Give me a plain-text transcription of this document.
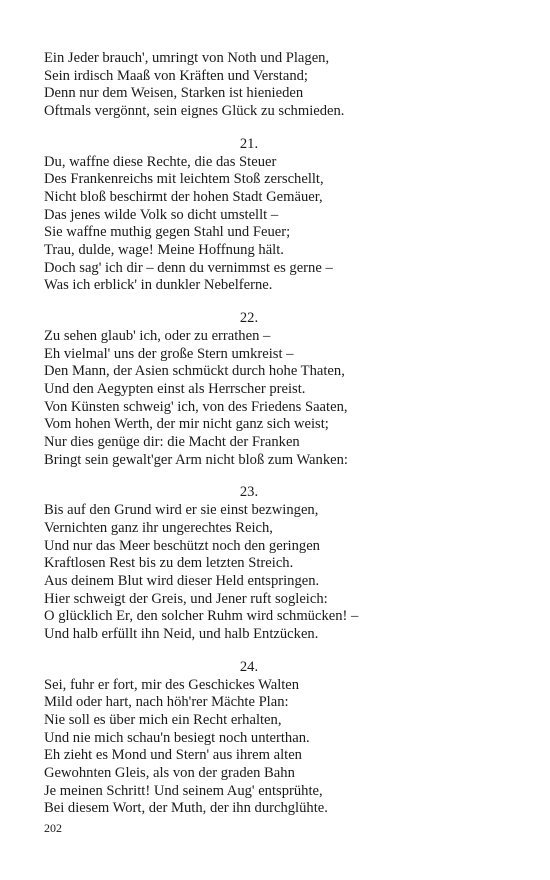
Ein Jeder brauch', umringt von Noth und Plagen,
Sein irdisch Maaß von Kräften und Verstand;
Denn nur dem Weisen, Starken ist hienieden
Oftmals vergönnt, sein eignes Glück zu schmieden.
21.
Du, waffne diese Rechte, die das Steuer
Des Frankenreichs mit leichtem Stoß zerschellt,
Nicht bloß beschirmt der hohen Stadt Gemäuer,
Das jenes wilde Volk so dicht umstellt –
Sie waffne muthig gegen Stahl und Feuer;
Trau, dulde, wage! Meine Hoffnung hält.
Doch sag' ich dir – denn du vernimmst es gerne –
Was ich erblick' in dunkler Nebelferne.
22.
Zu sehen glaub' ich, oder zu errathen –
Eh vielmal' uns der große Stern umkreist –
Den Mann, der Asien schmückt durch hohe Thaten,
Und den Aegypten einst als Herrscher preist.
Von Künsten schweig' ich, von des Friedens Saaten,
Vom hohen Werth, der mir nicht ganz sich weist;
Nur dies genüge dir: die Macht der Franken
Bringt sein gewalt'ger Arm nicht bloß zum Wanken:
23.
Bis auf den Grund wird er sie einst bezwingen,
Vernichten ganz ihr ungerechtes Reich,
Und nur das Meer beschützt noch den geringen
Kraftlosen Rest bis zu dem letzten Streich.
Aus deinem Blut wird dieser Held entspringen.
Hier schweigt der Greis, und Jener ruft sogleich:
O glücklich Er, den solcher Ruhm wird schmücken! –
Und halb erfüllt ihn Neid, und halb Entzücken.
24.
Sei, fuhr er fort, mir des Geschickes Walten
Mild oder hart, nach höh'rer Mächte Plan:
Nie soll es über mich ein Recht erhalten,
Und nie mich schau'n besiegt noch unterthan.
Eh zieht es Mond und Stern' aus ihrem alten
Gewohnten Gleis, als von der graden Bahn
Je meinen Schritt! Und seinem Aug' entsprühte,
Bei diesem Wort, der Muth, der ihn durchglühte.
202
